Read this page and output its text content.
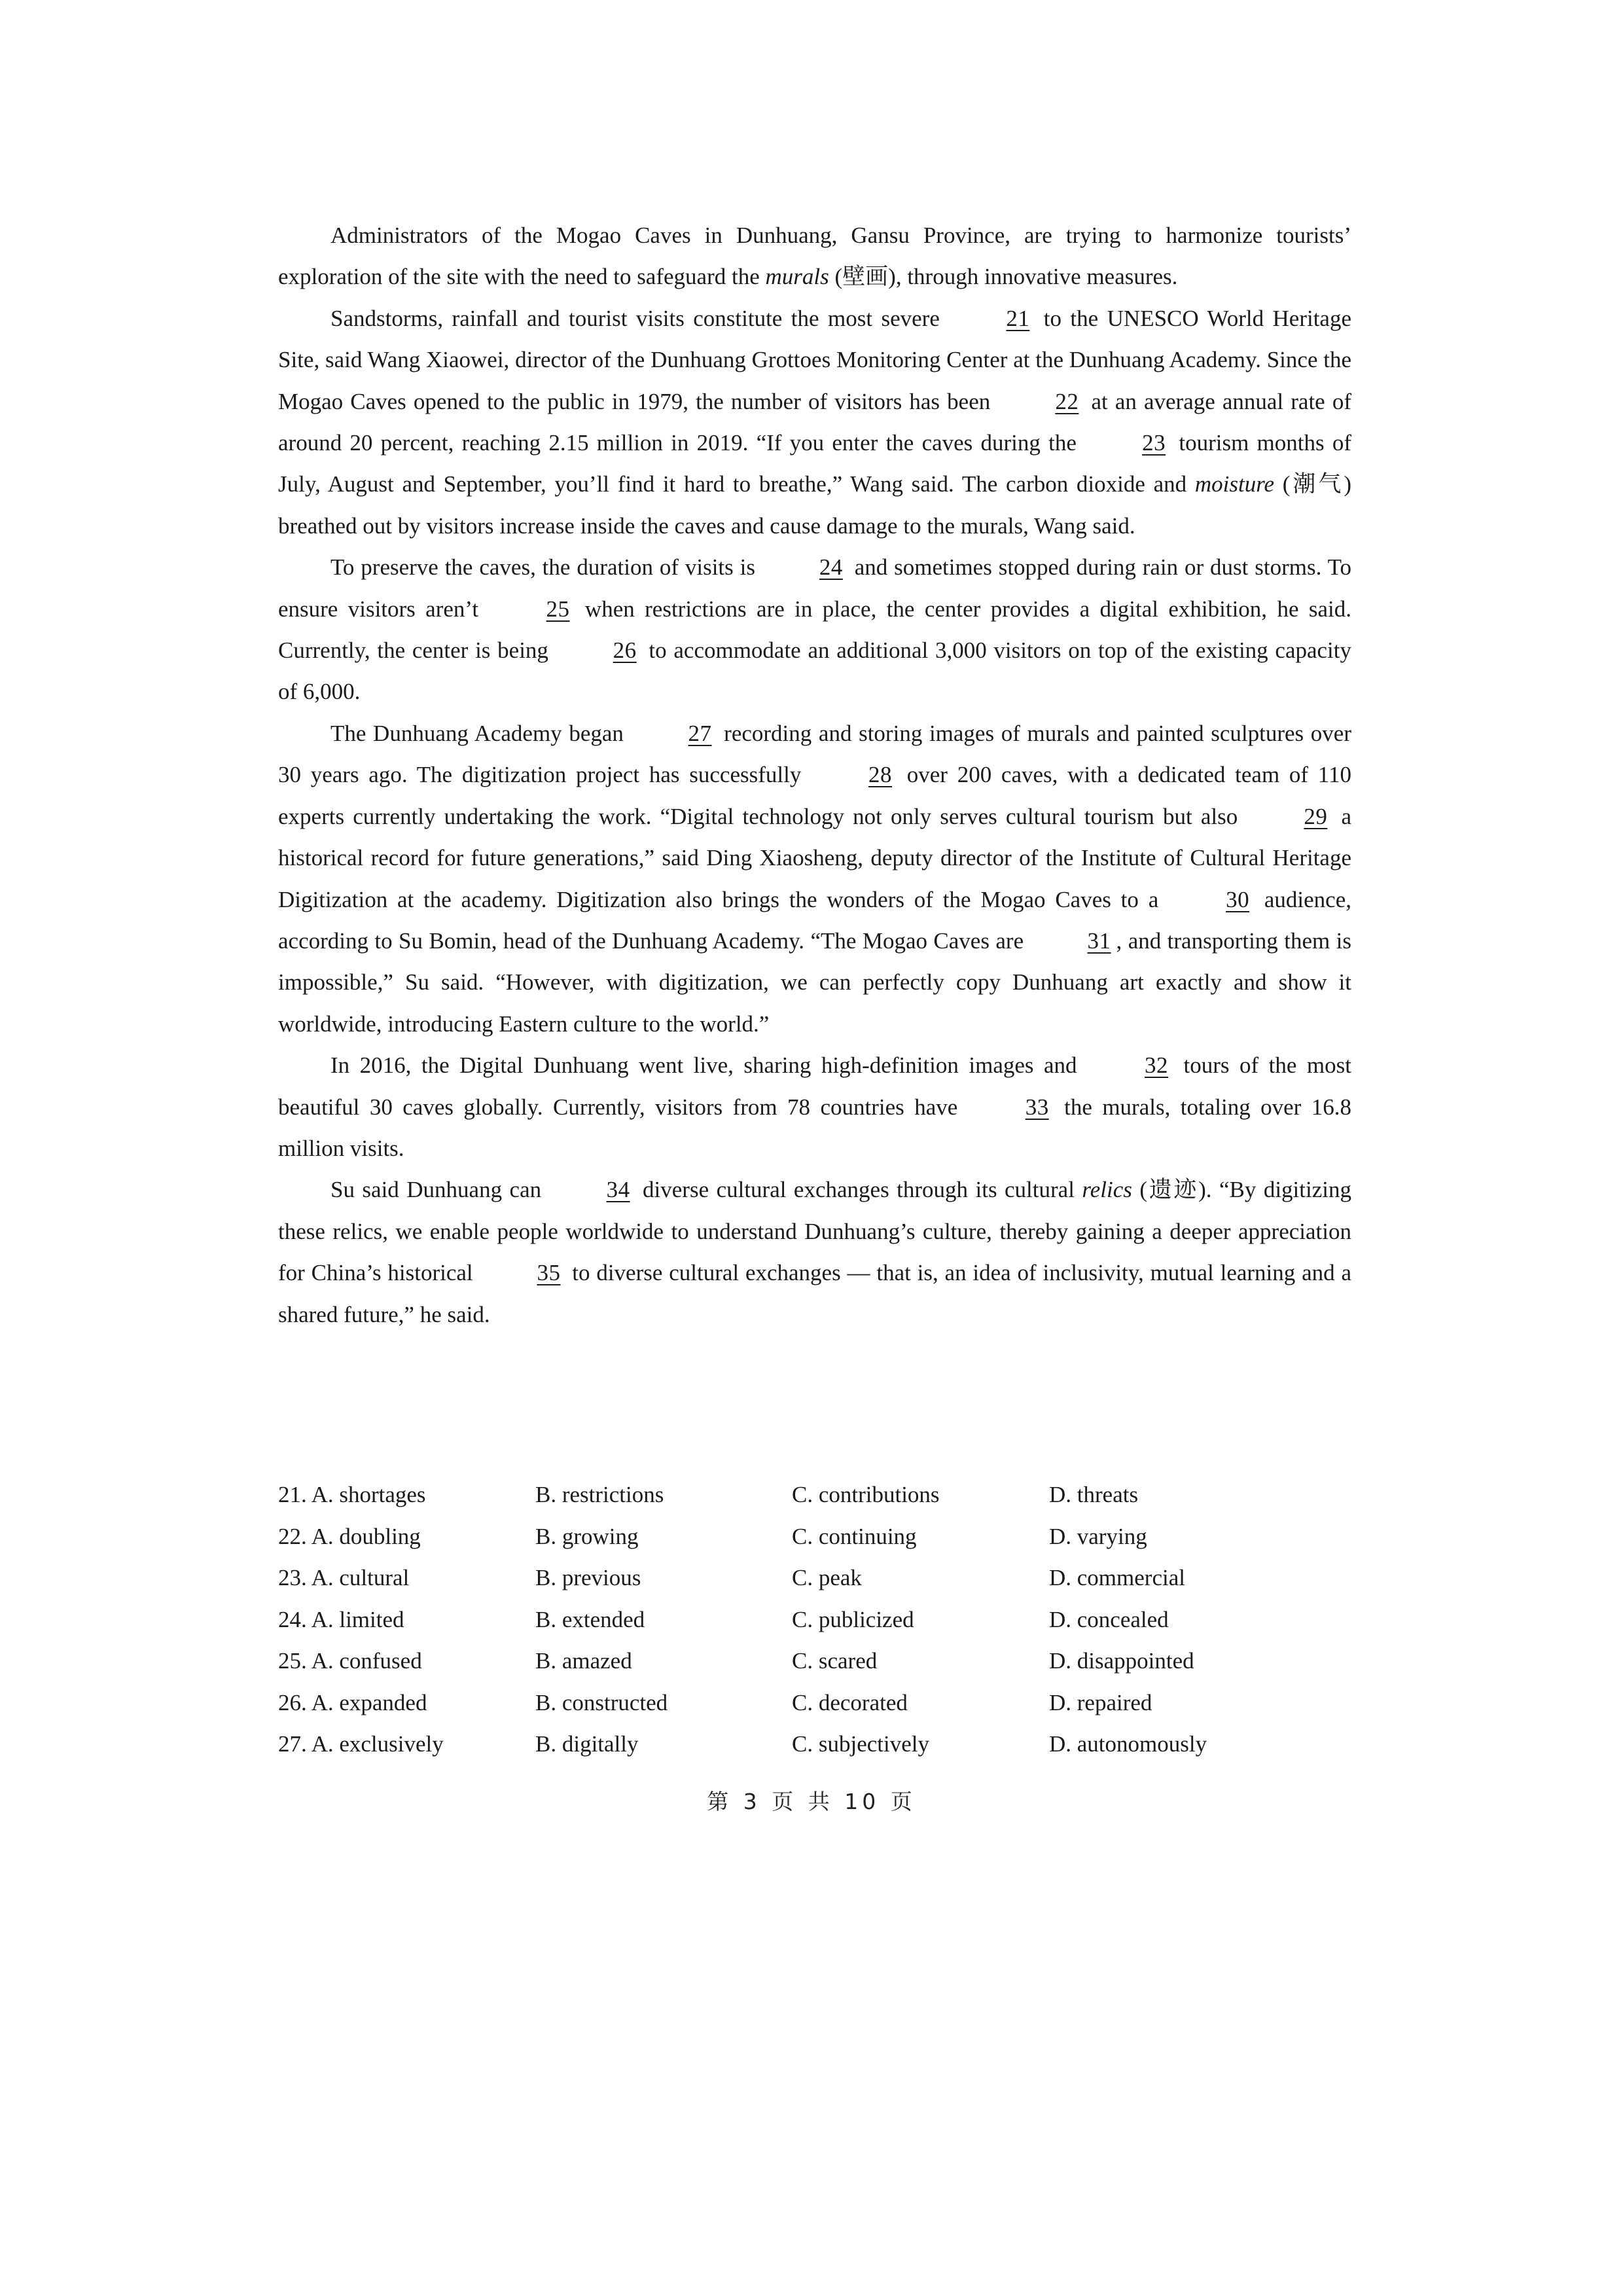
Administrators of the Mogao Caves in Dunhuang, Gansu Province, are trying to harmonize tourists’ exploration of the site with the need to safeguard the murals (壁画), through innovative measures.

Sandstorms, rainfall and tourist visits constitute the most severe	21 to the UNESCO World Heritage Site, said Wang Xiaowei, director of the Dunhuang Grottoes Monitoring Center at the Dunhuang Academy. Since the Mogao Caves opened to the public in 1979, the number of visitors has been	22 at an average annual rate of around 20 percent, reaching 2.15 million in 2019. “If you enter the caves during the	23 tourism months of July, August and September, you’ll find it hard to breathe,” Wang said. The carbon dioxide and moisture (潮气) breathed out by visitors increase inside the caves and cause damage to the murals, Wang said.

To preserve the caves, the duration of visits is	24 and sometimes stopped during rain or dust storms. To ensure visitors aren’t	25 when restrictions are in place, the center provides a digital exhibition, he said. Currently, the center is being	26 to accommodate an additional 3,000 visitors on top of the existing capacity of 6,000.

The Dunhuang Academy began	27 recording and storing images of murals and painted sculptures over 30 years ago. The digitization project has successfully	28 over 200 caves, with a dedicated team of 110 experts currently undertaking the work. “Digital technology not only serves cultural tourism but also	29 a historical record for future generations,” said Ding Xiaosheng, deputy director of the Institute of Cultural Heritage Digitization at the academy. Digitization also brings the wonders of the Mogao Caves to a	30 audience, according to Su Bomin, head of the Dunhuang Academy. “The Mogao Caves are	31 , and transporting them is impossible,” Su said. “However, with digitization, we can perfectly copy Dunhuang art exactly and show it worldwide, introducing Eastern culture to the world.”

In 2016, the Digital Dunhuang went live, sharing high-definition images and	32 tours of the most beautiful 30 caves globally. Currently, visitors from 78 countries have	33 the murals, totaling over 16.8 million visits.

Su said Dunhuang can	34 diverse cultural exchanges through its cultural relics (遗迹). “By digitizing these relics, we enable people worldwide to understand Dunhuang’s culture, thereby gaining a deeper appreciation for China’s historical	35 to diverse cultural exchanges — that is, an idea of inclusivity, mutual learning and a shared future,” he said.

21. A. shortages	B. restrictions	C. contributions	D. threats
22. A. doubling	B. growing	C. continuing	D. varying
23. A. cultural	B. previous	C. peak	D. commercial
24. A. limited	B. extended	C. publicized	D. concealed
25. A. confused	B. amazed	C. scared	D. disappointed
26. A. expanded	B. constructed	C. decorated	D. repaired
27. A. exclusively	B. digitally	C. subjectively	D. autonomously
第 3 页 共 10 页
